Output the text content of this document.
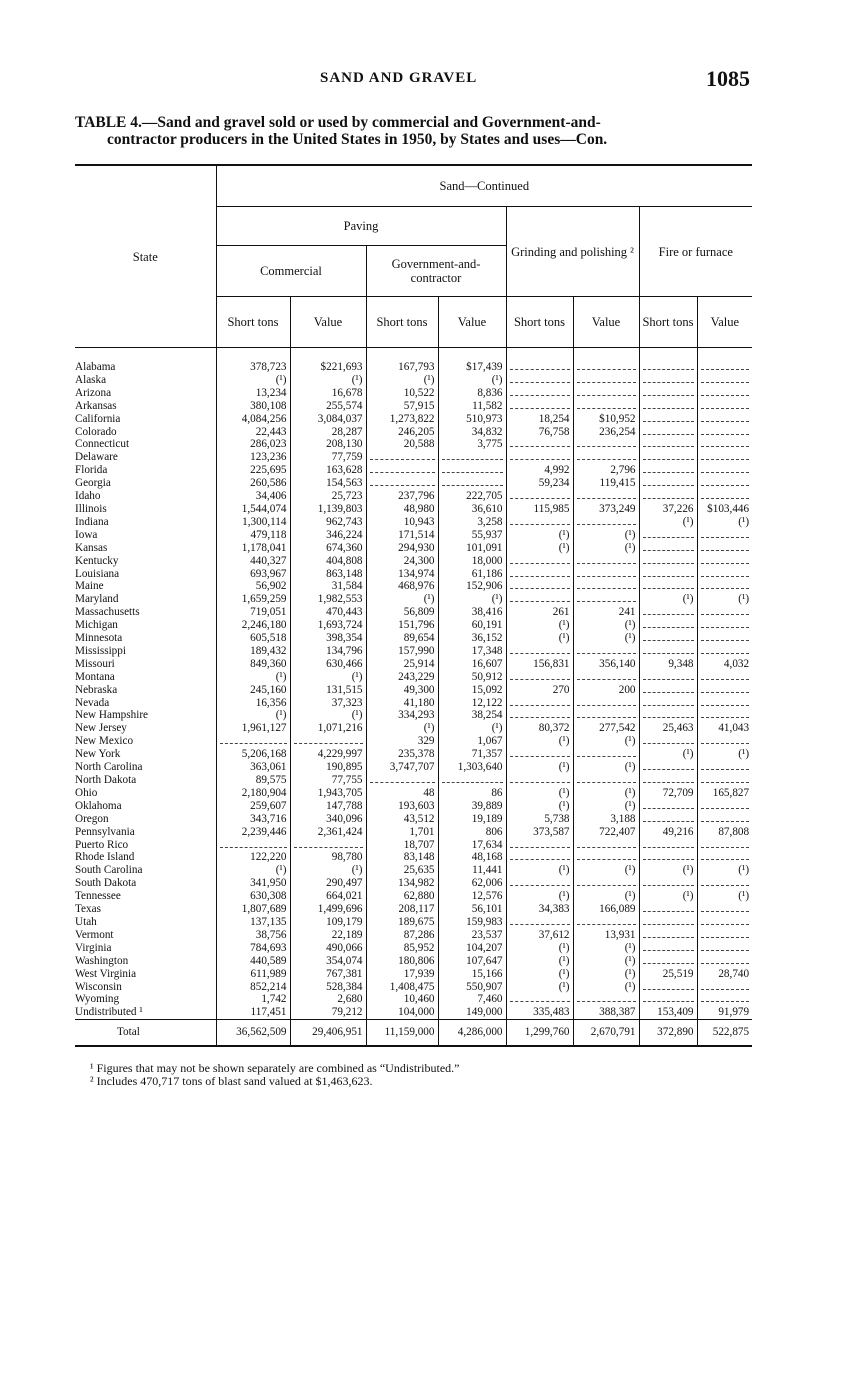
SAND AND GRAVEL	1085
TABLE 4.—Sand and gravel sold or used by commercial and Government-and-
contractor producers in the United States in 1950, by States and uses—Con.
State	Sand—Continued							
	Paving				Grinding and polishing ²		Fire or furnace	
	Commercial		Government-and-contractor					
	Short tons	Value	Short tons	Value	Short tons	Value	Short tons	Value
Alabama	378,723	$221,693	167,793	$17,439				
Alaska	(¹)	(¹)	(¹)	(¹)				
Arizona	13,234	16,678	10,522	8,836				
Arkansas	380,108	255,574	57,915	11,582				
California	4,084,256	3,084,037	1,273,822	510,973	18,254	$10,952		
Colorado	22,443	28,287	246,205	34,832	76,758	236,254		
Connecticut	286,023	208,130	20,588	3,775				
Delaware	123,236	77,759						
Florida	225,695	163,628			4,992	2,796		
Georgia	260,586	154,563			59,234	119,415		
Idaho	34,406	25,723	237,796	222,705				
Illinois	1,544,074	1,139,803	48,980	36,610	115,985	373,249	37,226	$103,446
Indiana	1,300,114	962,743	10,943	3,258			(¹)	(¹)
Iowa	479,118	346,224	171,514	55,937	(¹)	(¹)		
Kansas	1,178,041	674,360	294,930	101,091	(¹)	(¹)		
Kentucky	440,327	404,808	24,300	18,000				
Louisiana	693,967	863,148	134,974	61,186				
Maine	56,902	31,584	468,976	152,906				
Maryland	1,659,259	1,982,553	(¹)	(¹)			(¹)	(¹)
Massachusetts	719,051	470,443	56,809	38,416	261	241		
Michigan	2,246,180	1,693,724	151,796	60,191	(¹)	(¹)		
Minnesota	605,518	398,354	89,654	36,152	(¹)	(¹)		
Mississippi	189,432	134,796	157,990	17,348				
Missouri	849,360	630,466	25,914	16,607	156,831	356,140	9,348	4,032
Montana	(¹)	(¹)	243,229	50,912				
Nebraska	245,160	131,515	49,300	15,092	270	200		
Nevada	16,356	37,323	41,180	12,122				
New Hampshire	(¹)	(¹)	334,293	38,254				
New Jersey	1,961,127	1,071,216	(¹)	(¹)	80,372	277,542	25,463	41,043
New Mexico			329	1,067	(¹)	(¹)		
New York	5,206,168	4,229,997	235,378	71,357			(¹)	(¹)
North Carolina	363,061	190,895	3,747,707	1,303,640	(¹)	(¹)		
North Dakota	89,575	77,755						
Ohio	2,180,904	1,943,705	48	86	(¹)	(¹)	72,709	165,827
Oklahoma	259,607	147,788	193,603	39,889	(¹)	(¹)		
Oregon	343,716	340,096	43,512	19,189	5,738	3,188		
Pennsylvania	2,239,446	2,361,424	1,701	806	373,587	722,407	49,216	87,808
Puerto Rico			18,707	17,634				
Rhode Island	122,220	98,780	83,148	48,168				
South Carolina	(¹)	(¹)	25,635	11,441	(¹)	(¹)	(¹)	(¹)
South Dakota	341,950	290,497	134,982	62,006				
Tennessee	630,308	664,021	62,880	12,576	(¹)	(¹)	(¹)	(¹)
Texas	1,807,689	1,499,696	208,117	56,101	34,383	166,089		
Utah	137,135	109,179	189,675	159,983				
Vermont	38,756	22,189	87,286	23,537	37,612	13,931		
Virginia	784,693	490,066	85,952	104,207	(¹)	(¹)		
Washington	440,589	354,074	180,806	107,647	(¹)	(¹)		
West Virginia	611,989	767,381	17,939	15,166	(¹)	(¹)	25,519	28,740
Wisconsin	852,214	528,384	1,408,475	550,907	(¹)	(¹)		
Wyoming	1,742	2,680	10,460	7,460				
Undistributed ¹	117,451	79,212	104,000	149,000	335,483	388,387	153,409	91,979
Total	36,562,509	29,406,951	11,159,000	4,286,000	1,299,760	2,670,791	372,890	522,875
¹ Figures that may not be shown separately are combined as “Undistributed.”
² Includes 470,717 tons of blast sand valued at $1,463,623.
